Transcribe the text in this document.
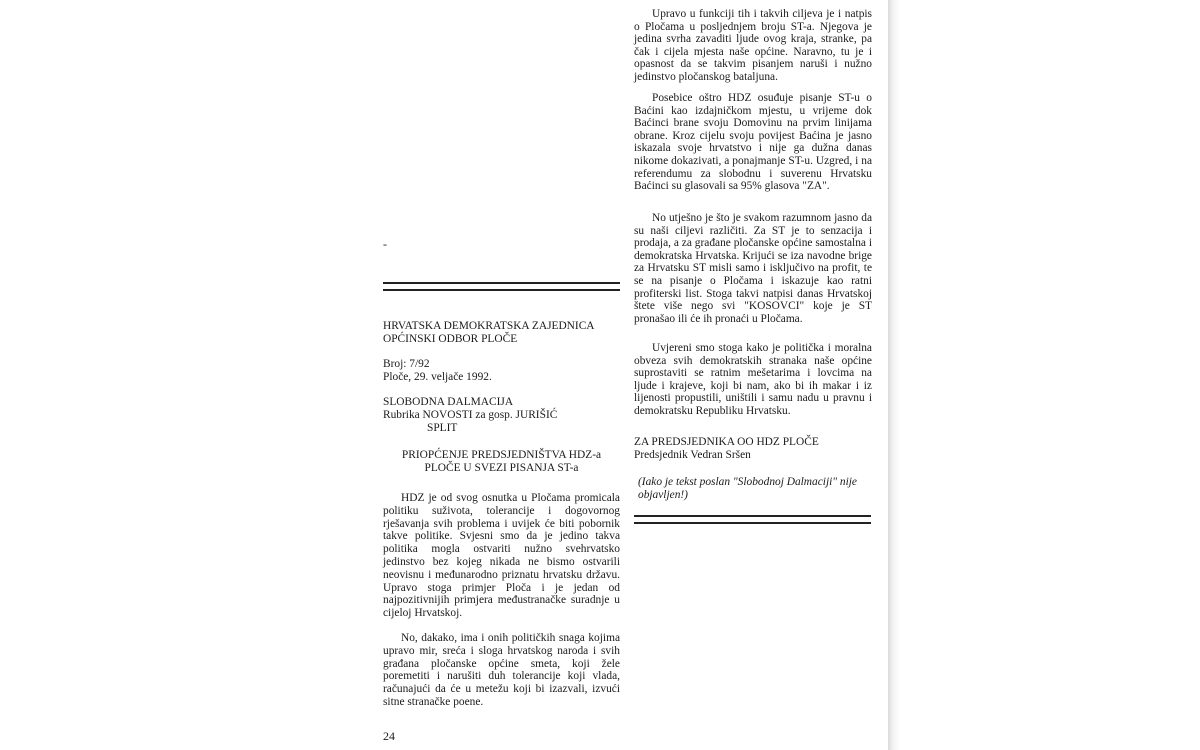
-
HRVATSKA DEMOKRATSKA ZAJEDNICA
OPĆINSKI ODBOR PLOČE
Broj: 7/92
Ploče, 29. veljače 1992.
SLOBODNA DALMACIJA
Rubrika NOVOSTI za gosp. JURIŠIĆ
SPLIT
PRIOPĆENJE PREDSJEDNIŠTVA HDZ-a
PLOČE U SVEZI PISANJA ST-a

HDZ je od svog osnutka u Pločama promicala politiku suživota, tolerancije i dogovornog rješavanja svih problema i uvijek će biti pobornik takve politike. Svjesni smo da je jedino takva politika mogla ostvariti nužno svehrvatsko jedinstvo bez kojeg nikada ne bismo ostvarili neovisnu i međunarodno priznatu hrvatsku državu. Upravo stoga primjer Ploča i je jedan od najpozitivnijih primjera međustranačke suradnje u cijeloj Hrvatskoj.

No, dakako, ima i onih političkih snaga kojima upravo mir, sreća i sloga hrvatskog naroda i svih građana pločanske općine smeta, koji žele poremetiti i narušiti duh tolerancije koji vlada, računajući da će u metežu koji bi izazvali, izvući sitne stranačke poene.

24

Upravo u funkciji tih i takvih ciljeva je i natpis o Pločama u posljednjem broju ST-a. Njegova je jedina svrha zavaditi ljude ovog kraja, stranke, pa čak i cijela mjesta naše općine. Naravno, tu je i opasnost da se takvim pisanjem naruši i nužno jedinstvo pločanskog bataljuna.

Posebice oštro HDZ osuđuje pisanje ST-u o Baćini kao izdajničkom mjestu, u vrijeme dok Baćinci brane svoju Domovinu na prvim linijama obrane. Kroz cijelu svoju povijest Baćina je jasno iskazala svoje hrvatstvo i nije ga dužna danas nikome dokazivati, a ponajmanje ST-u. Uzgred, i na referendumu za slobodnu i suverenu Hrvatsku Baćinci su glasovali sa 95% glasova "ZA".

No utješno je što je svakom razumnom jasno da su naši ciljevi različiti. Za ST je to senzacija i prodaja, a za građane pločanske općine samostalna i demokratska Hrvatska. Krijući se iza navodne brige za Hrvatsku ST misli samo i isključivo na profit, te se na pisanje o Pločama i iskazuje kao ratni profiterski list. Stoga takvi natpisi danas Hrvatskoj štete više nego svi "KOSOVCI" koje je ST pronašao ili će ih pronaći u Pločama.

Uvjereni smo stoga kako je politička i moralna obveza svih demokratskih stranaka naše općine suprostaviti se ratnim mešetarima i lovcima na ljude i krajeve, koji bi nam, ako bi ih makar i iz lijenosti propustili, uništili i samu nadu u pravnu i demokratsku Republiku Hrvatsku.

ZA PREDSJEDNIKA OO HDZ PLOČE
Predsjednik Vedran Sršen
(Iako je tekst poslan "Slobodnoj Dalmaciji" nije objavljen!)
